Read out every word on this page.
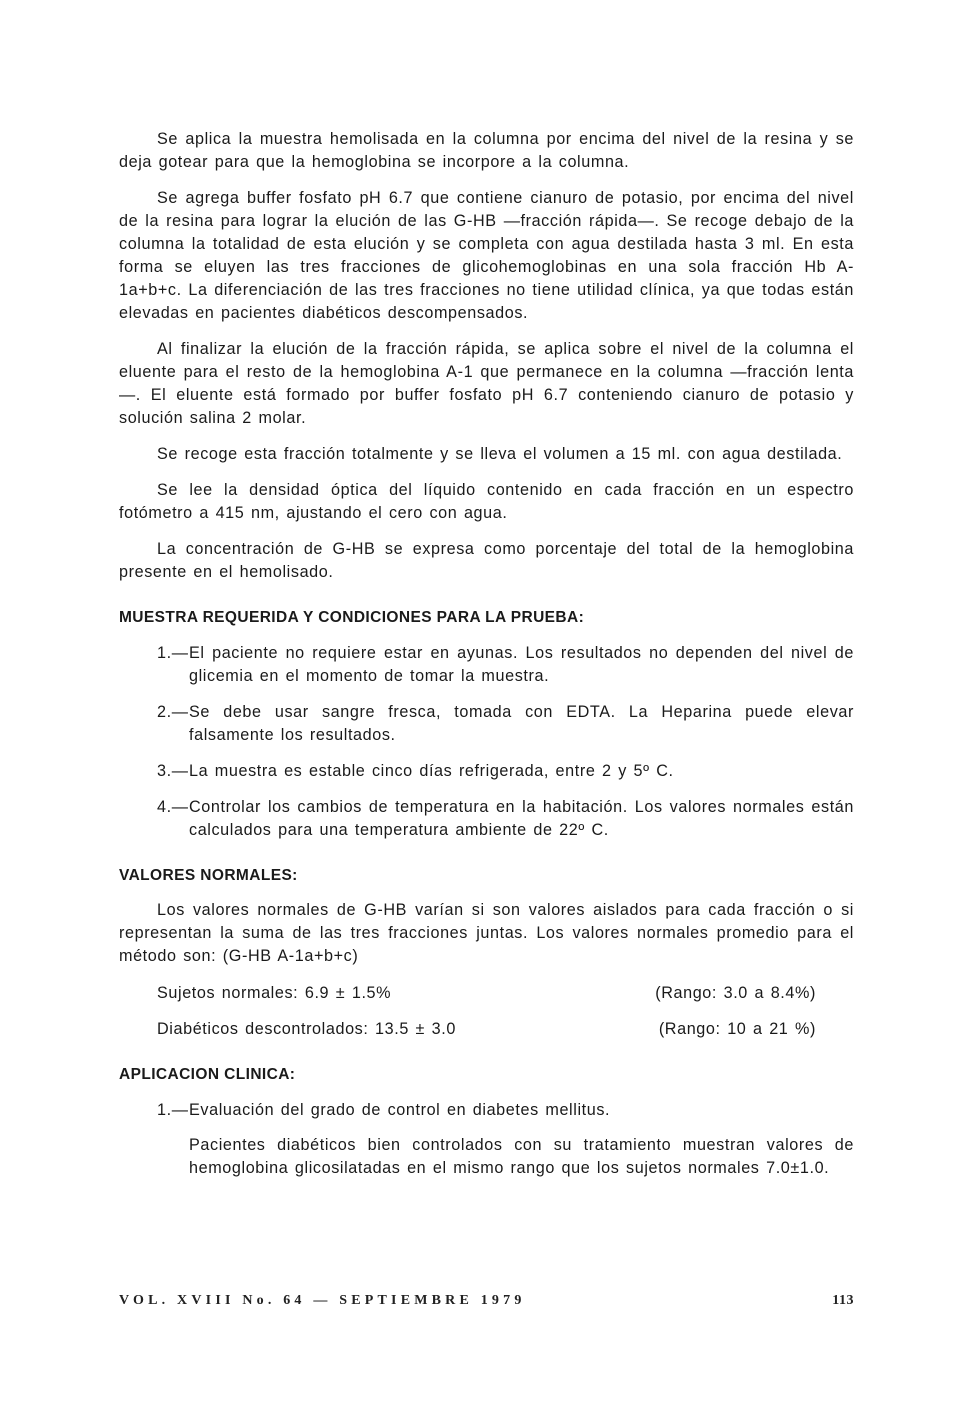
Se aplica la muestra hemolisada en la columna por encima del nivel de la resina y se deja gotear para que la hemoglobina se incorpore a la columna.

Se agrega buffer fosfato pH 6.7 que contiene cianuro de potasio, por encima del nivel de la resina para lograr la elución de las G-HB —fracción rápida—. Se recoge debajo de la columna la totalidad de esta elución y se completa con agua destilada hasta 3 ml. En esta forma se eluyen las tres fracciones de glicohemoglobinas en una sola fracción Hb A-1a+b+c. La diferenciación de las tres fracciones no tiene utilidad clínica, ya que todas están elevadas en pacientes diabéticos descompensados.

Al finalizar la elución de la fracción rápida, se aplica sobre el nivel de la columna el eluente para el resto de la hemoglobina A-1 que permanece en la columna —fracción lenta—. El eluente está formado por buffer fosfato pH 6.7 conteniendo cianuro de potasio y solución salina 2 molar.

Se recoge esta fracción totalmente y se lleva el volumen a 15 ml. con agua destilada.

Se lee la densidad óptica del líquido contenido en cada fracción en un espectro fotómetro a 415 nm, ajustando el cero con agua.

La concentración de G-HB se expresa como porcentaje del total de la hemoglobina presente en el hemolisado.

MUESTRA REQUERIDA Y CONDICIONES PARA LA PRUEBA:
1.— El paciente no requiere estar en ayunas. Los resultados no dependen del nivel de glicemia en el momento de tomar la muestra.
2.— Se debe usar sangre fresca, tomada con EDTA. La Heparina puede elevar falsamente los resultados.
3.— La muestra es estable cinco días refrigerada, entre 2 y 5º C.
4.— Controlar los cambios de temperatura en la habitación. Los valores normales están calculados para una temperatura ambiente de 22º C.
VALORES NORMALES:

Los valores normales de G-HB varían si son valores aislados para cada fracción o si representan la suma de las tres fracciones juntas. Los valores normales promedio para el método son: (G-HB A-1a+b+c)

Sujetos normales: 6.9 ± 1.5%	(Rango: 3.0 a 8.4%)
Diabéticos descontrolados: 13.5 ± 3.0	(Rango: 10 a 21 %)
APLICACION CLINICA:
1.— Evaluación del grado de control en diabetes mellitus.

Pacientes diabéticos bien controlados con su tratamiento muestran valores de hemoglobina glicosilatadas en el mismo rango que los sujetos normales 7.0±1.0.

VOL. XVIII No. 64 — SEPTIEMBRE 1979	113
